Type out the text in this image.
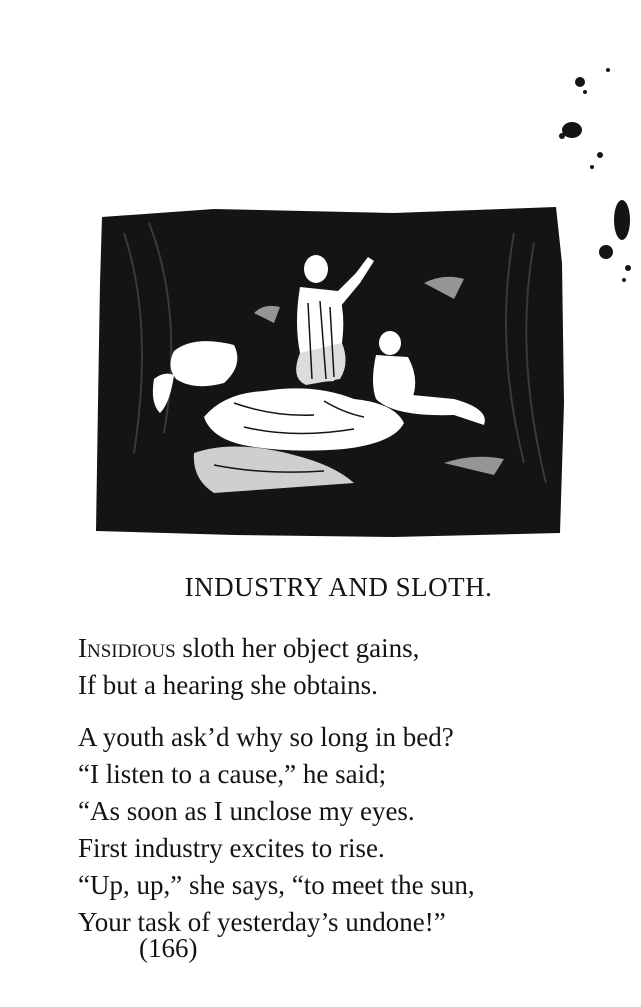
INDUSTRY AND SLOTH.
Insidious sloth her object gains,
If but a hearing she obtains.
A youth ask’d why so long in bed?
“I listen to a cause,” he said;
“As soon as I unclose my eyes.
First industry excites to rise.
“Up, up,” she says, “to meet the sun,
Your task of yesterday’s undone!”

(166)
